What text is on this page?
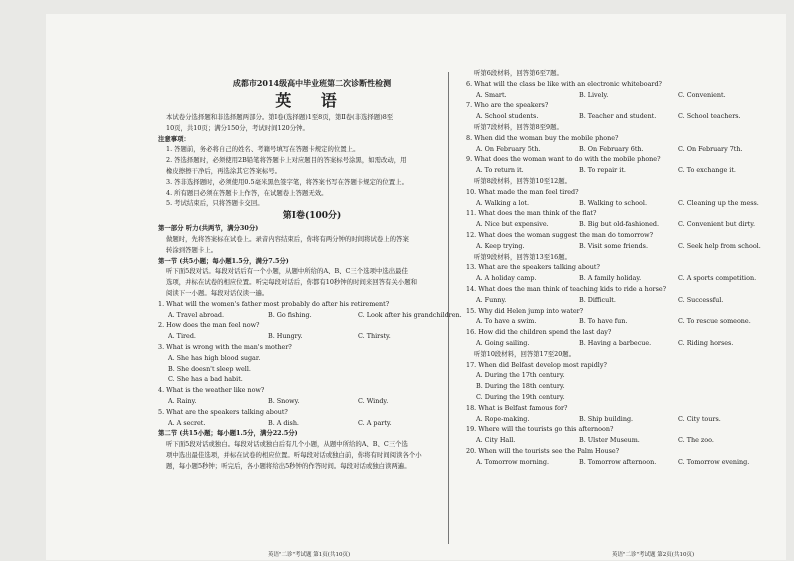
成都市2014级高中毕业班第二次诊断性检测
英 语
本试卷分选择题和非选择题两部分。第Ⅰ卷(选择题)1至8页，第Ⅱ卷(非选择题)8至
10页，共10页；满分150分，考试时间120分钟。
注意事项：
1. 答题前，务必将自己的姓名、考籍号填写在答题卡规定的位置上。
2. 答选择题时，必须使用2B铅笔将答题卡上对应题目的答案标号涂黑，如需改动，用
橡皮擦擦干净后，再选涂其它答案标号。
3. 答非选择题时，必须使用0.5毫米黑色签字笔，将答案书写在答题卡规定的位置上。
4. 所有题目必须在答题卡上作答，在试题卷上答题无效。
5. 考试结束后，只将答题卡交回。
第Ⅰ卷(100分)
第一部分 听力(共两节，满分30分)
做题时，先将答案标在试卷上。录音内容结束后，你将有两分钟的时间将试卷上的答案
转涂到答题卡上。
第一节 (共5小题；每小题1.5分，满分7.5分)
听下面5段对话。每段对话后有一个小题，从题中所给的A、B、C三个选项中选出最佳
选项，并标在试卷的相应位置。听完每段对话后，你都有10秒钟的时间来回答有关小题和
阅读下一小题。每段对话仅读一遍。
1. What will the women's father most probably do after his retirement?
A. Travel abroad.	B. Go fishing.	C. Look after his grandchildren.
2. How does the man feel now?
A. Tired.	B. Hungry.	C. Thirsty.
3. What is wrong with the man's mother?
A. She has high blood sugar.
B. She doesn't sleep well.
C. She has a bad habit.
4. What is the weather like now?
A. Rainy.	B. Snowy.	C. Windy.
5. What are the speakers talking about?
A. A secret.	B. A dish.	C. A party.
第二节 (共15小题；每小题1.5分，满分22.5分)
听下面5段对话或独白。每段对话或独白后有几个小题，从题中所给的A、B、C三个选
项中选出最佳选项，并标在试卷的相应位置。听每段对话或独白前，你将有时间阅读各个小
题，每小题5秒钟；听完后，各小题将给出5秒钟的作答时间。每段对话或独白读两遍。
听第6段材料，回答第6至7题。
6. What will the class be like with an electronic whiteboard?
A. Smart.	B. Lively.	C. Convenient.
7. Who are the speakers?
A. School students.	B. Teacher and student.	C. School teachers.
听第7段材料，回答第8至9题。
8. When did the woman buy the mobile phone?
A. On February 5th.	B. On February 6th.	C. On February 7th.
9. What does the woman want to do with the mobile phone?
A. To return it.	B. To repair it.	C. To exchange it.
听第8段材料，回答第10至12题。
10. What made the man feel tired?
A. Walking a lot.	B. Walking to school.	C. Cleaning up the mess.
11. What does the man think of the flat?
A. Nice but expensive.	B. Big but old-fashioned.	C. Convenient but dirty.
12. What does the woman suggest the man do tomorrow?
A. Keep trying.	B. Visit some friends.	C. Seek help from school.
听第9段材料，回答第13至16题。
13. What are the speakers talking about?
A. A holiday camp.	B. A family holiday.	C. A sports competition.
14. What does the man think of teaching kids to ride a horse?
A. Funny.	B. Difficult.	C. Successful.
15. Why did Helen jump into water?
A. To have a swim.	B. To have fun.	C. To rescue someone.
16. How did the children spend the last day?
A. Going sailing.	B. Having a barbecue.	C. Riding horses.
听第10段材料，回答第17至20题。
17. When did Belfast develop most rapidly?
A. During the 17th century.
B. During the 18th century.
C. During the 19th century.
18. What is Belfast famous for?
A. Rope-making.	B. Ship building.	C. City tours.
19. Where will the tourists go this afternoon?
A. City Hall.	B. Ulster Museum.	C. The zoo.
20. When will the tourists see the Palm House?
A. Tomorrow morning.	B. Tomorrow afternoon.	C. Tomorrow evening.
英语"二诊"考试题 第1页(共10页)	英语"二诊"考试题 第2页(共10页)
